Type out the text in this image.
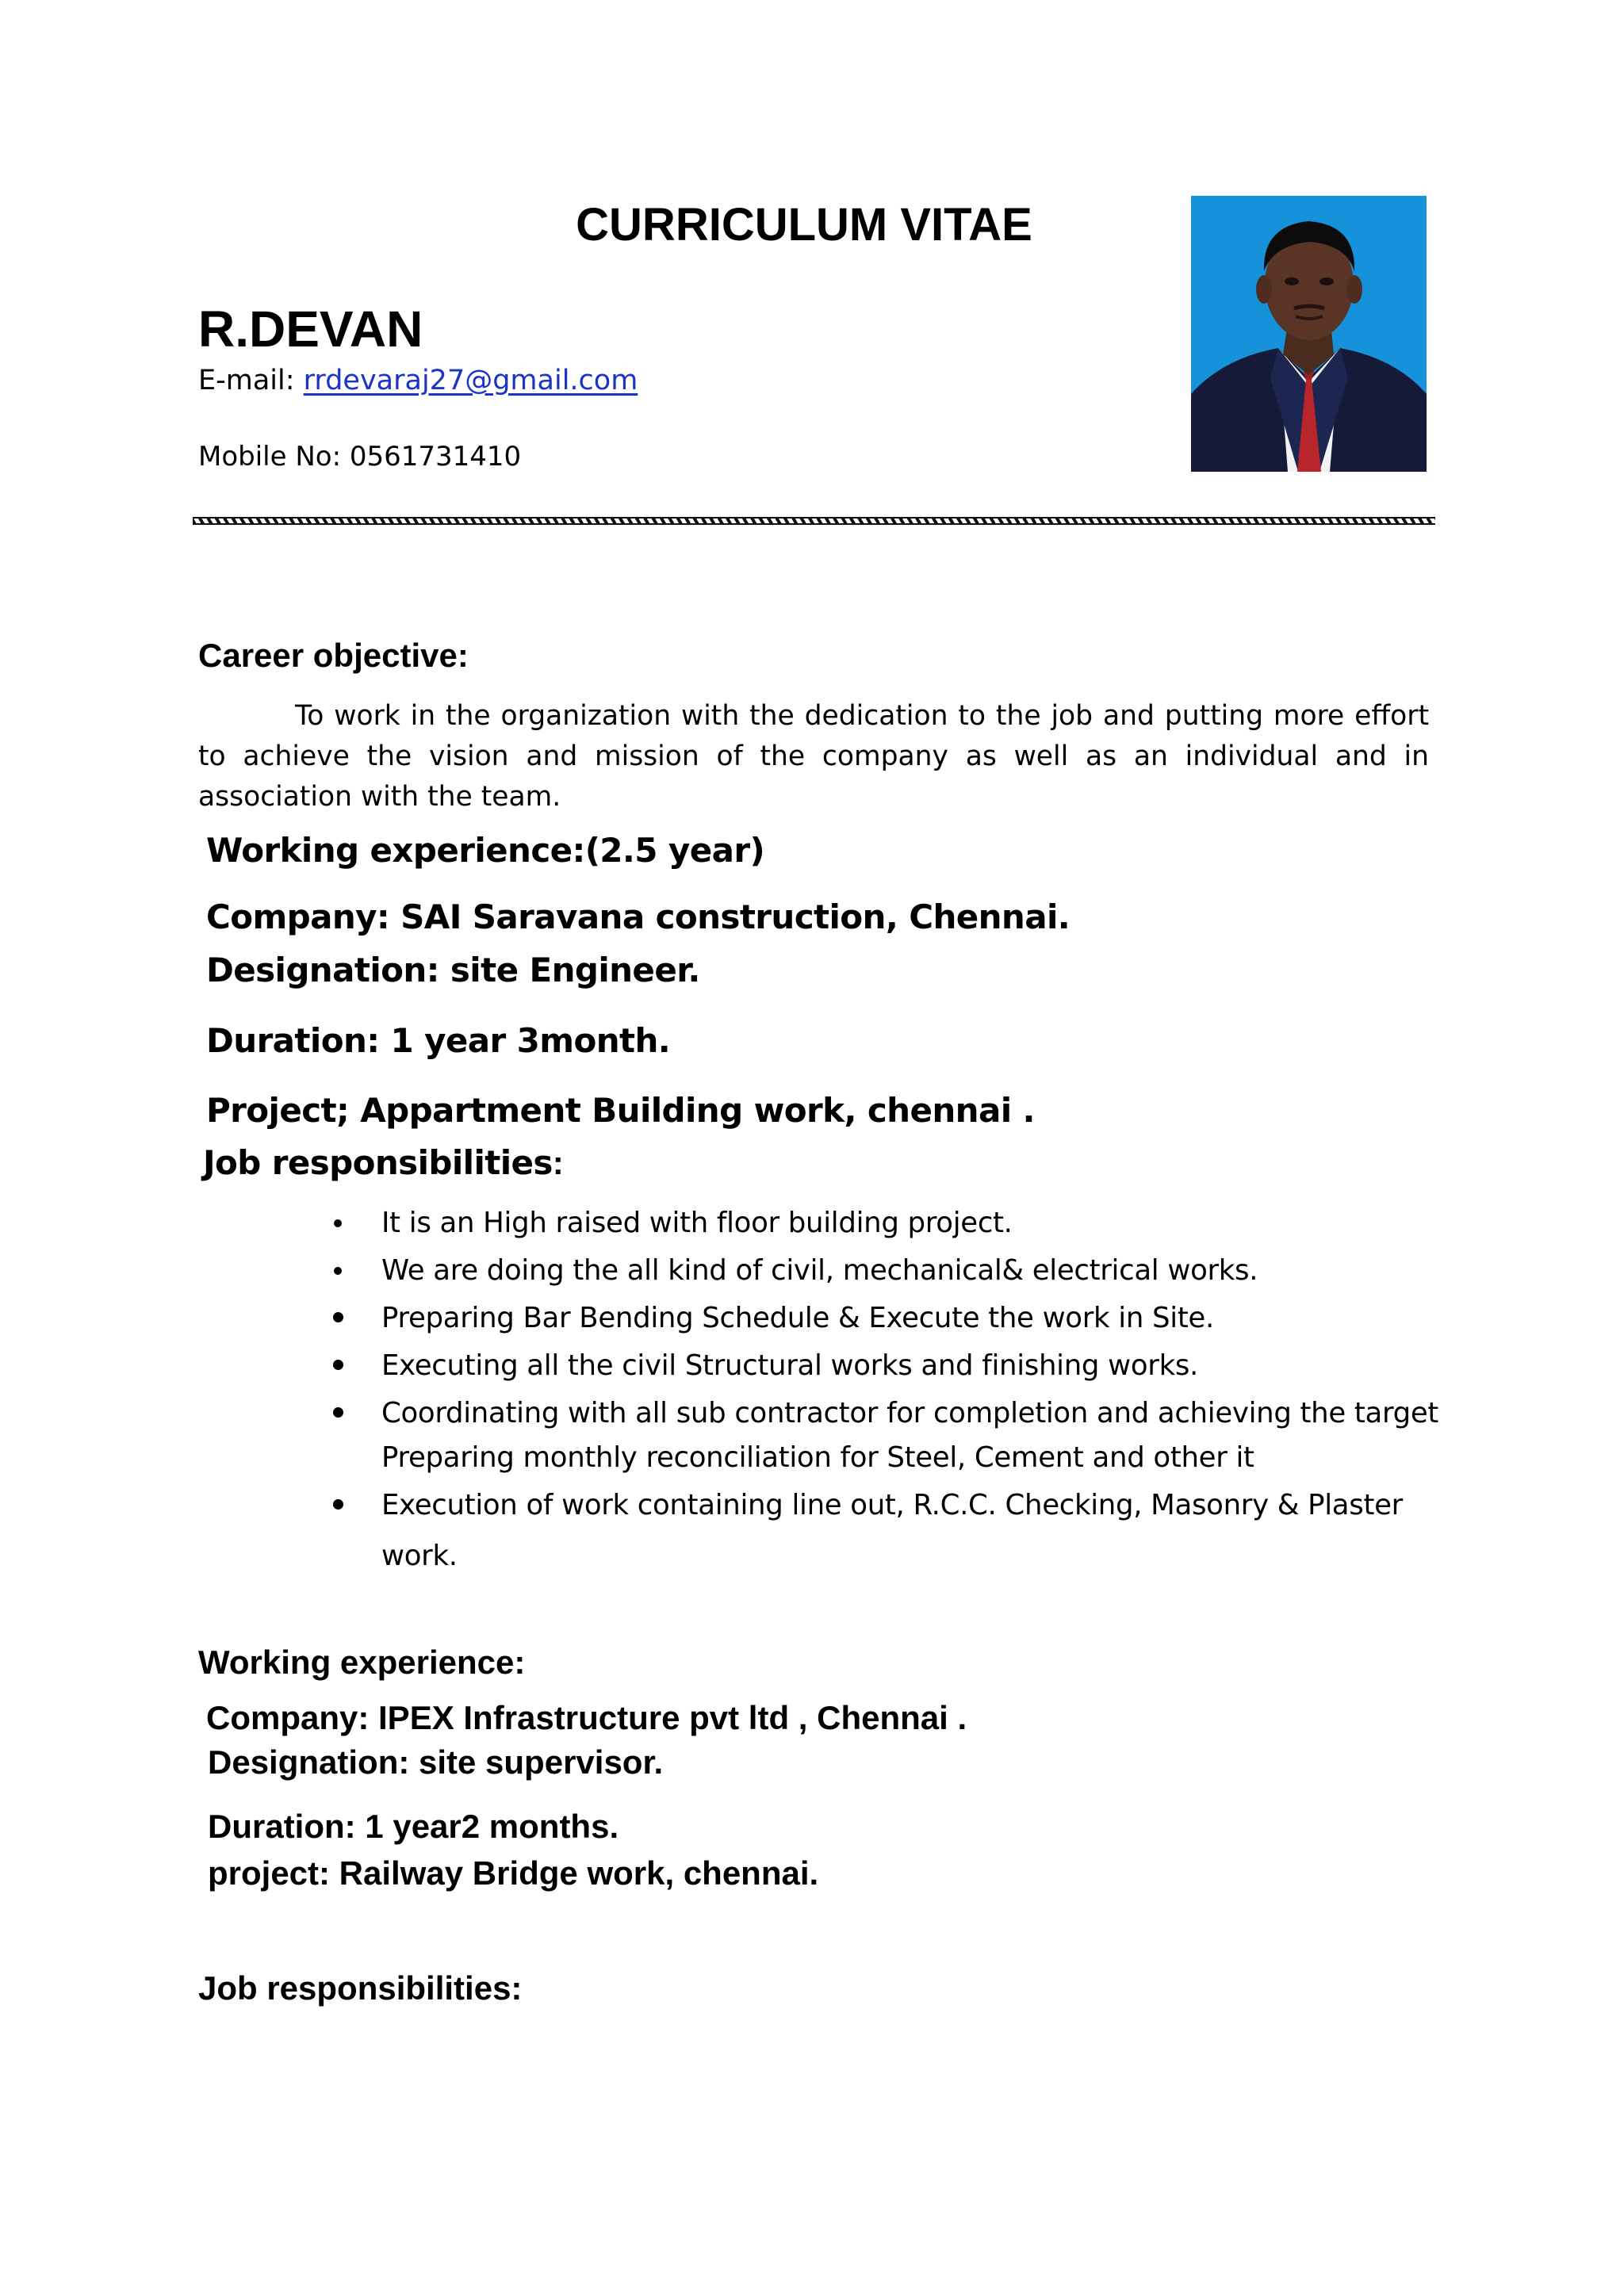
CURRICULUM VITAE
R.DEVAN
E-mail: rrdevaraj27@gmail.com
Mobile No: 0561731410
Career objective:
To work in the organization with the dedication to the job and putting more effort to achieve the vision and mission of the company as well as an individual and in association with the team.
Working experience:(2.5 year)
Company: SAI Saravana construction, Chennai.
Designation: site Engineer.
Duration: 1 year 3month.
Project; Appartment Building work, chennai .
Job responsibilities:
It is an High raised with floor building project.
We are doing the all kind of civil, mechanical& electrical works.
Preparing Bar Bending Schedule & Execute the work in Site.
Executing all the civil Structural works and finishing works.
Coordinating with all sub contractor for completion and achieving the target
Preparing monthly reconciliation for Steel, Cement and other it
Execution of work containing line out, R.C.C. Checking, Masonry & Plaster
work.
Working experience:
Company: IPEX Infrastructure pvt ltd , Chennai .
Designation: site supervisor.
Duration: 1 year2 months.
project: Railway Bridge work, chennai.
Job responsibilities:
